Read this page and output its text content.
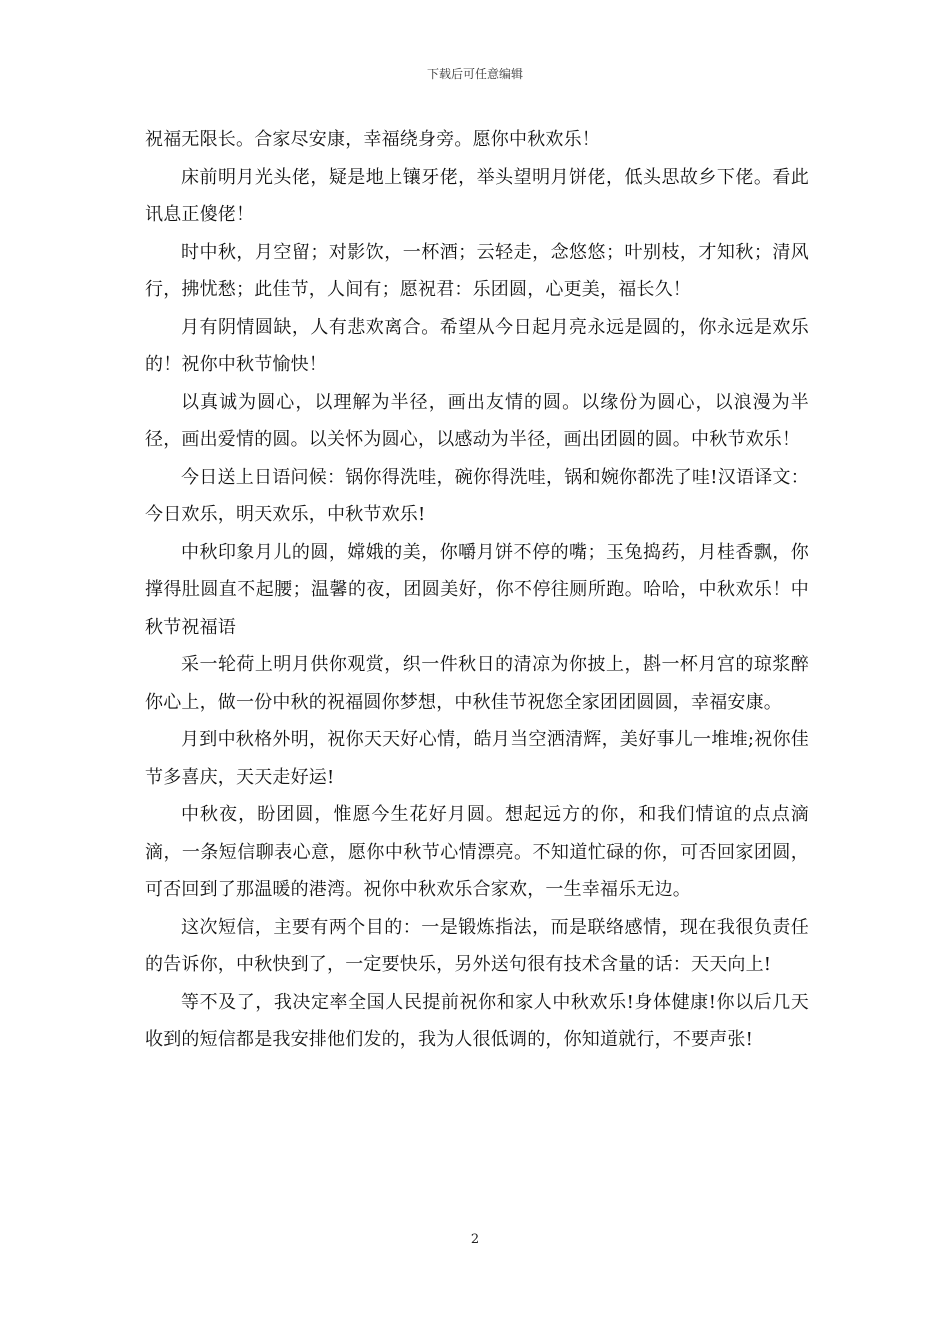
下载后可任意编辑

祝福无限长。合家尽安康，幸福绕身旁。愿你中秋欢乐！

床前明月光头佬，疑是地上镶牙佬，举头望明月饼佬，低头思故乡下佬。看此讯息正傻佬！

时中秋，月空留；对影饮，一杯酒；云轻走，念悠悠；叶别枝，才知秋；清风行，拂忧愁；此佳节，人间有；愿祝君：乐团圆，心更美，福长久！

月有阴情圆缺，人有悲欢离合。希望从今日起月亮永远是圆的，你永远是欢乐的！祝你中秋节愉快！

以真诚为圆心，以理解为半径，画出友情的圆。以缘份为圆心，以浪漫为半径，画出爱情的圆。以关怀为圆心，以感动为半径，画出团圆的圆。中秋节欢乐！

今日送上日语问候：锅你得洗哇，碗你得洗哇，锅和婉你都洗了哇!汉语译文：今日欢乐，明天欢乐，中秋节欢乐!

中秋印象月儿的圆，嫦娥的美，你嚼月饼不停的嘴；玉兔捣药，月桂香飘，你撑得肚圆直不起腰；温馨的夜，团圆美好，你不停往厕所跑。哈哈，中秋欢乐！中秋节祝福语

采一轮荷上明月供你观赏，织一件秋日的清凉为你披上，斟一杯月宫的琼浆醉你心上，做一份中秋的祝福圆你梦想，中秋佳节祝您全家团团圆圆，幸福安康。

月到中秋格外明，祝你天天好心情，皓月当空洒清辉，美好事儿一堆堆;祝你佳节多喜庆，天天走好运!

中秋夜，盼团圆，惟愿今生花好月圆。想起远方的你，和我们情谊的点点滴滴，一条短信聊表心意，愿你中秋节心情漂亮。不知道忙碌的你，可否回家团圆，可否回到了那温暖的港湾。祝你中秋欢乐合家欢，一生幸福乐无边。

这次短信，主要有两个目的：一是锻炼指法，而是联络感情，现在我很负责任的告诉你，中秋快到了，一定要快乐，另外送句很有技术含量的话：天天向上!

等不及了，我决定率全国人民提前祝你和家人中秋欢乐!身体健康!你以后几天收到的短信都是我安排他们发的，我为人很低调的，你知道就行，不要声张!

2
